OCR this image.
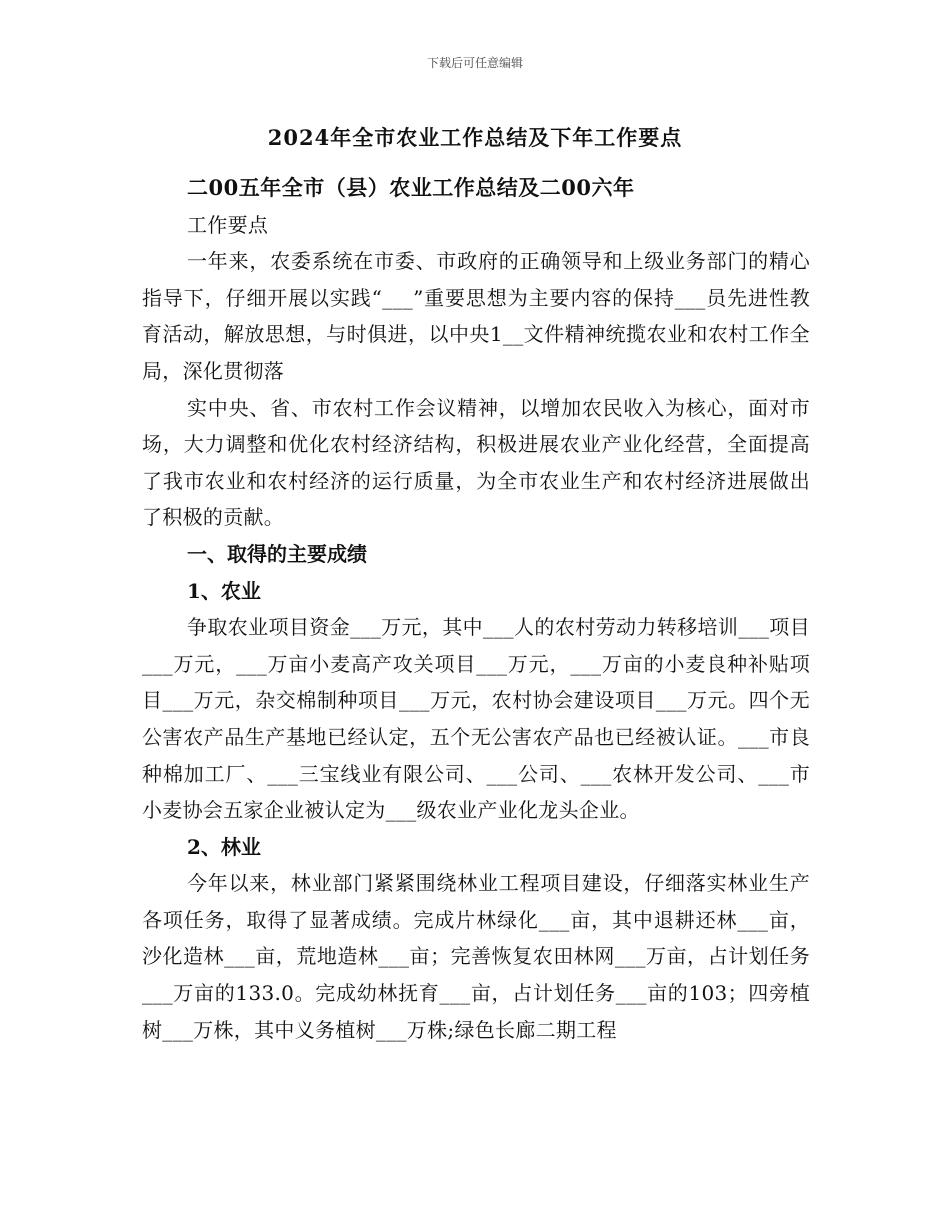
下载后可任意编辑
2024年全市农业工作总结及下年工作要点

二00五年全市（县）农业工作总结及二00六年

工作要点

一年来，农委系统在市委、市政府的正确领导和上级业务部门的精心指导下，仔细开展以实践“___”重要思想为主要内容的保持___员先进性教育活动，解放思想，与时俱进，以中央1__文件精神统揽农业和农村工作全局，深化贯彻落

实中央、省、市农村工作会议精神，以增加农民收入为核心，面对市场，大力调整和优化农村经济结构，积极进展农业产业化经营，全面提高了我市农业和农村经济的运行质量，为全市农业生产和农村经济进展做出了积极的贡献。

一、取得的主要成绩

1、农业

争取农业项目资金___万元，其中___人的农村劳动力转移培训___项目___万元，___万亩小麦高产攻关项目___万元，___万亩的小麦良种补贴项目___万元，杂交棉制种项目___万元，农村协会建设项目___万元。四个无公害农产品生产基地已经认定，五个无公害农产品也已经被认证。___市良种棉加工厂、___三宝线业有限公司、___公司、___农林开发公司、___市小麦协会五家企业被认定为___级农业产业化龙头企业。

2、林业

今年以来，林业部门紧紧围绕林业工程项目建设，仔细落实林业生产各项任务，取得了显著成绩。完成片林绿化___亩，其中退耕还林___亩，沙化造林___亩，荒地造林___亩；完善恢复农田林网___万亩，占计划任务___万亩的133.0。完成幼林抚育___亩，占计划任务___亩的103；四旁植树___万株，其中义务植树___万株;绿色长廊二期工程
